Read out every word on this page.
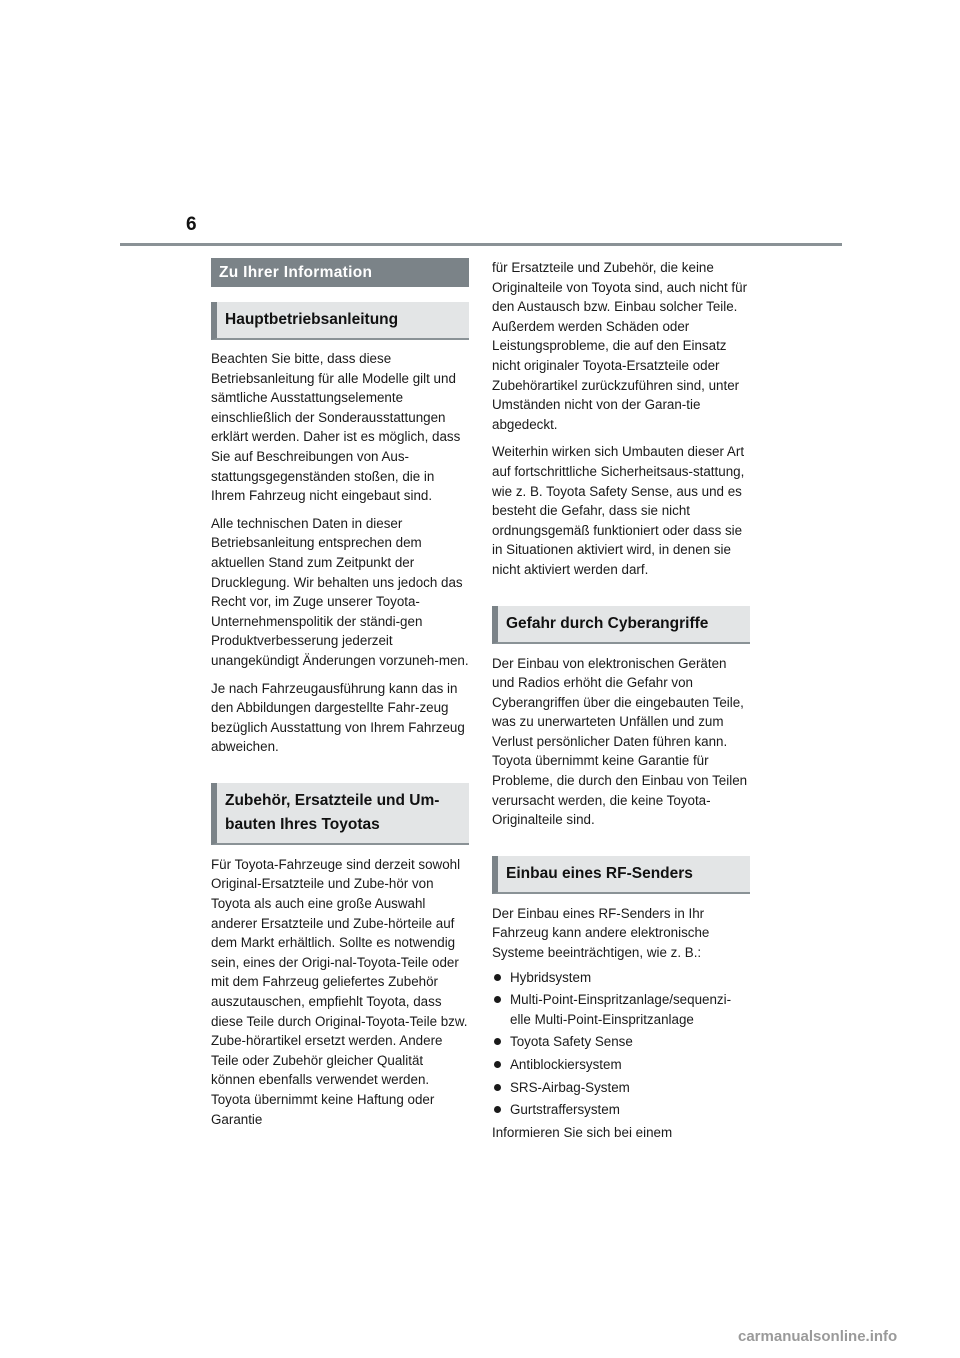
6
Zu Ihrer Information
Hauptbetriebsanleitung

Beachten Sie bitte, dass diese Betriebsanleitung für alle Modelle gilt und sämtliche Ausstattungselemente einschließlich der Sonderausstattungen erklärt werden. Daher ist es möglich, dass Sie auf Beschreibungen von Aus-stattungsgegenständen stoßen, die in Ihrem Fahrzeug nicht eingebaut sind.

Alle technischen Daten in dieser Betriebsanleitung entsprechen dem aktuellen Stand zum Zeitpunkt der Drucklegung. Wir behalten uns jedoch das Recht vor, im Zuge unserer Toyota-Unternehmenspolitik der ständi-gen Produktverbesserung jederzeit unangekündigt Änderungen vorzuneh-men.

Je nach Fahrzeugausführung kann das in den Abbildungen dargestellte Fahr-zeug bezüglich Ausstattung von Ihrem Fahrzeug abweichen.

Zubehör, Ersatzteile und Um-bauten Ihres Toyotas

Für Toyota-Fahrzeuge sind derzeit sowohl Original-Ersatzteile und Zube-hör von Toyota als auch eine große Auswahl anderer Ersatzteile und Zube-hörteile auf dem Markt erhältlich. Sollte es notwendig sein, eines der Origi-nal-Toyota-Teile oder mit dem Fahrzeug geliefertes Zubehör auszutauschen, empfiehlt Toyota, dass diese Teile durch Original-Toyota-Teile bzw. Zube-hörartikel ersetzt werden. Andere Teile oder Zubehör gleicher Qualität können ebenfalls verwendet werden. Toyota übernimmt keine Haftung oder Garantie

für Ersatzteile und Zubehör, die keine Originalteile von Toyota sind, auch nicht für den Austausch bzw. Einbau solcher Teile. Außerdem werden Schäden oder Leistungsprobleme, die auf den Einsatz nicht originaler Toyota-Ersatzteile oder Zubehörartikel zurückzuführen sind, unter Umständen nicht von der Garan-tie abgedeckt.

Weiterhin wirken sich Umbauten dieser Art auf fortschrittliche Sicherheitsaus-stattung, wie z. B. Toyota Safety Sense, aus und es besteht die Gefahr, dass sie nicht ordnungsgemäß funktioniert oder dass sie in Situationen aktiviert wird, in denen sie nicht aktiviert werden darf.

Gefahr durch Cyberangriffe

Der Einbau von elektronischen Geräten und Radios erhöht die Gefahr von Cyberangriffen über die eingebauten Teile, was zu unerwarteten Unfällen und zum Verlust persönlicher Daten führen kann. Toyota übernimmt keine Garantie für Probleme, die durch den Einbau von Teilen verursacht werden, die keine Toyota-Originalteile sind.

Einbau eines RF-Senders

Der Einbau eines RF-Senders in Ihr Fahrzeug kann andere elektronische Systeme beeinträchtigen, wie z. B.:

Hybridsystem
Multi-Point-Einspritzanlage/sequenzi-elle Multi-Point-Einspritzanlage
Toyota Safety Sense
Antiblockiersystem
SRS-Airbag-System
Gurtstraffersystem

Informieren Sie sich bei einem

carmanualsonline.info
